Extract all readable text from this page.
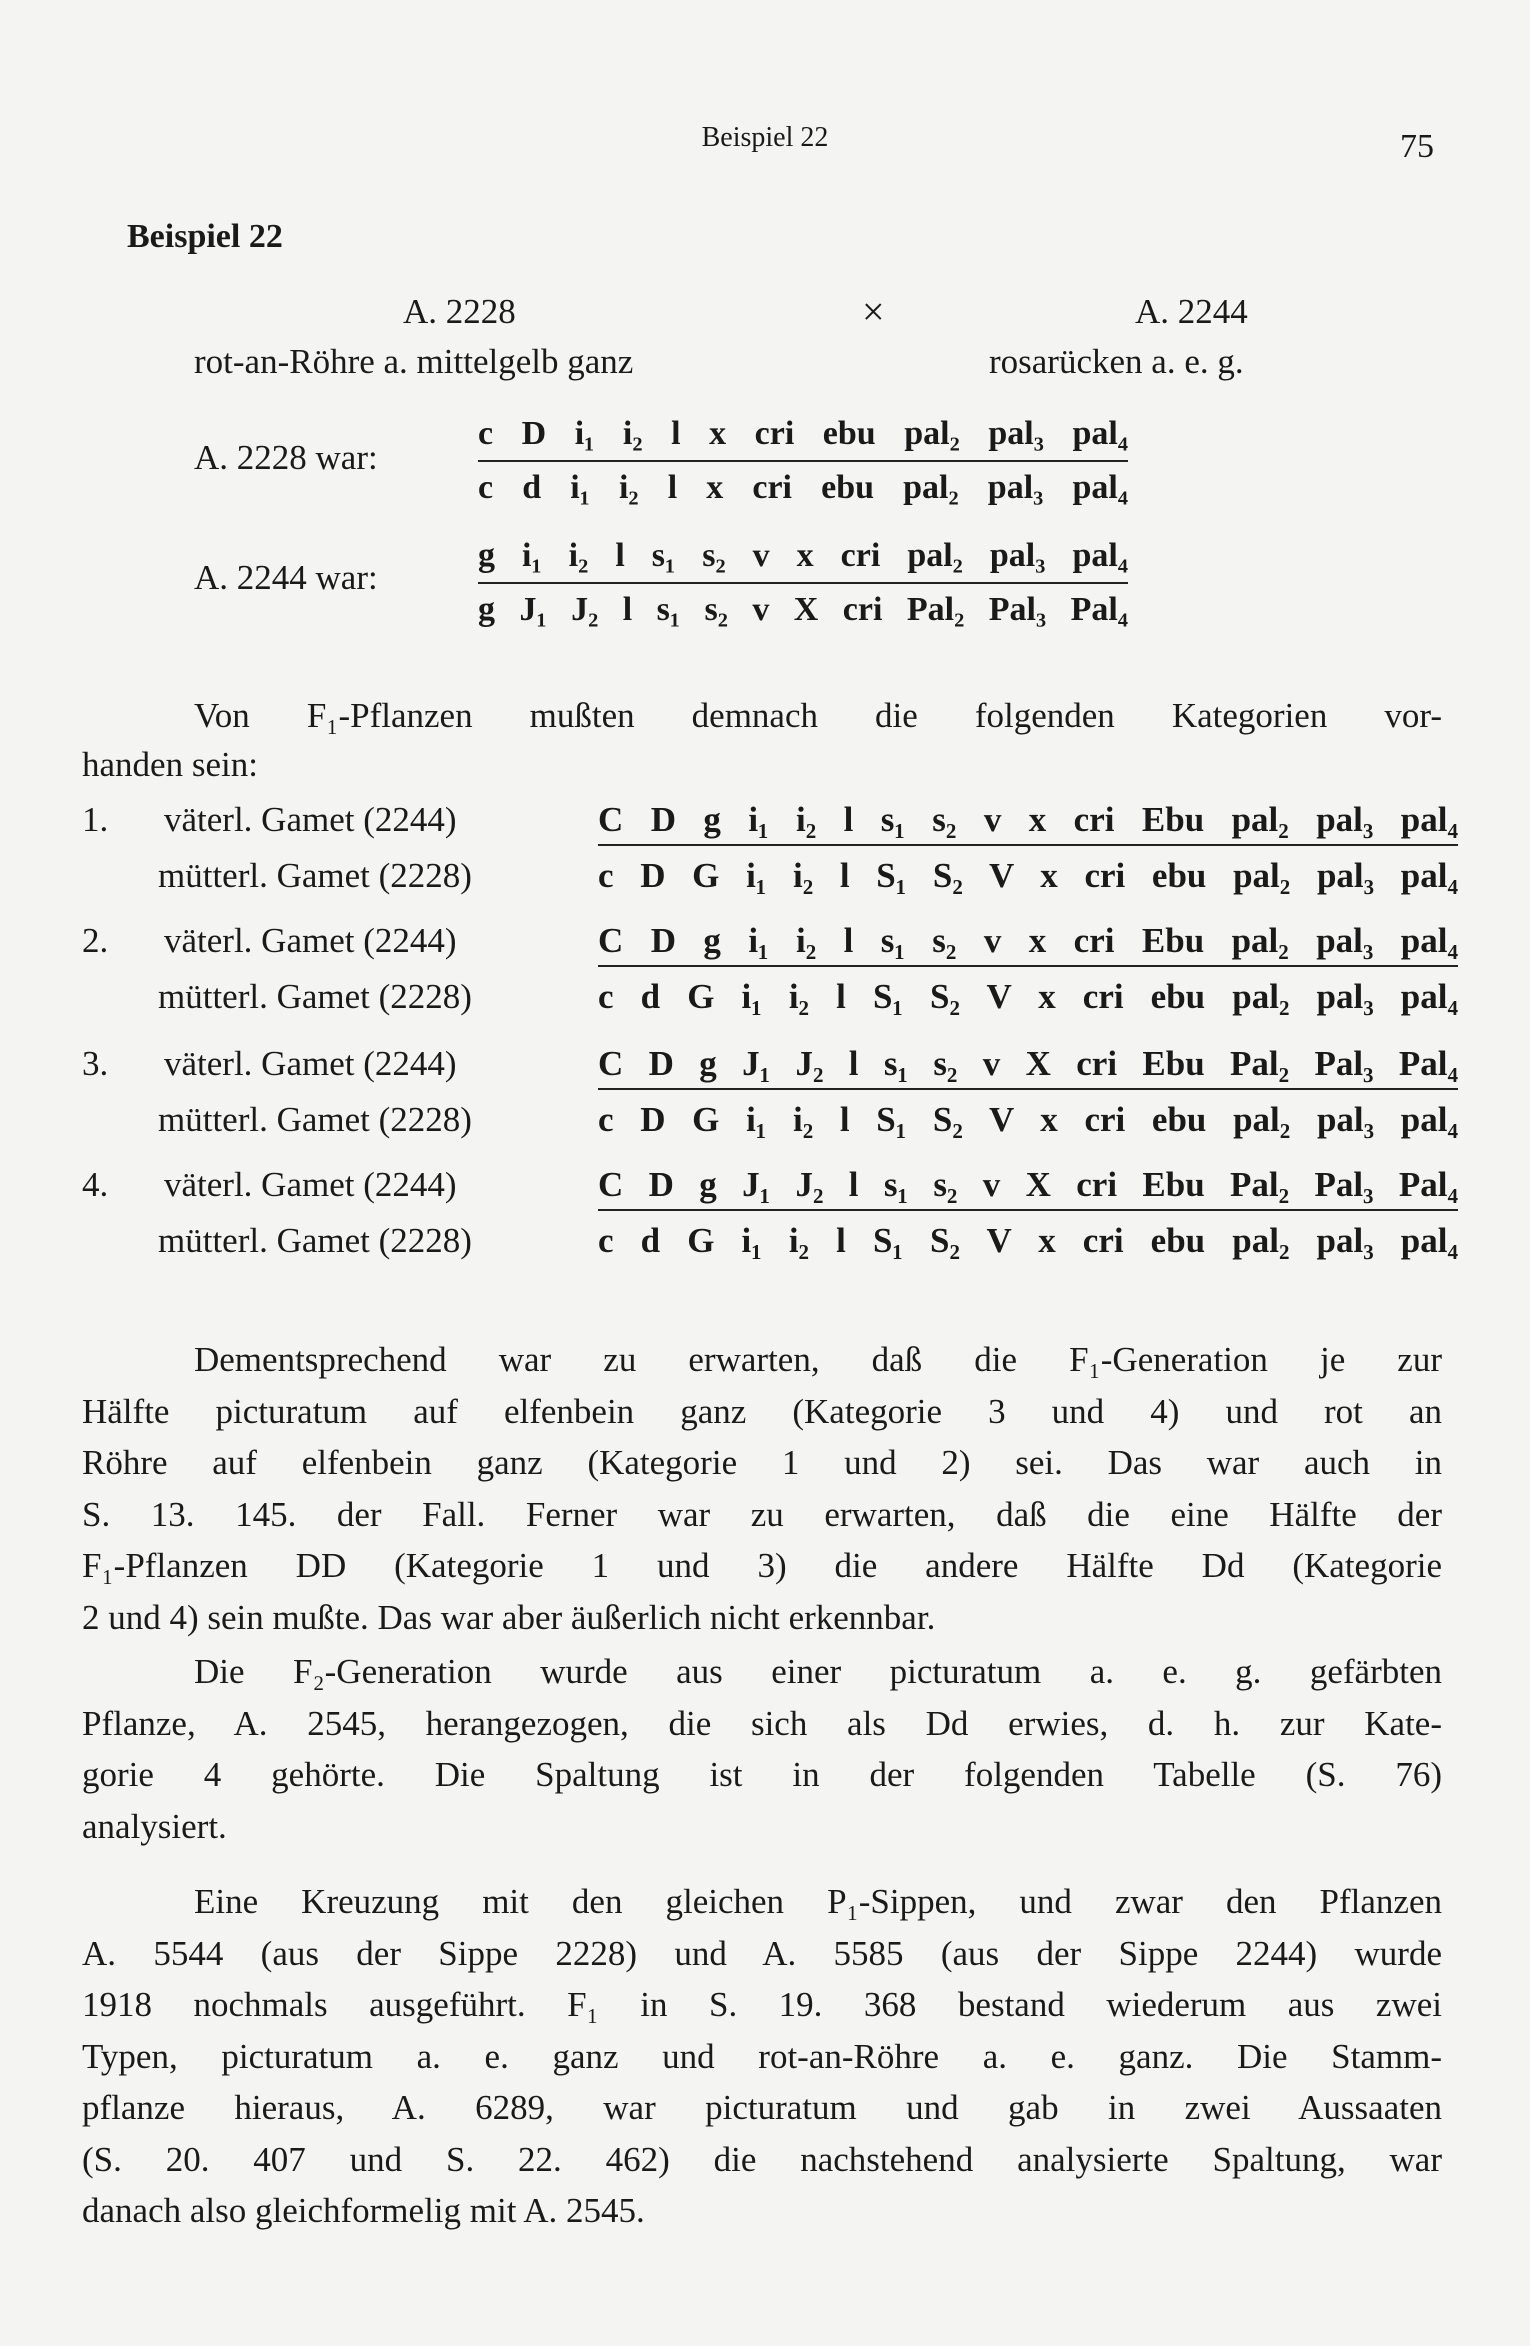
Beispiel 22	75
Beispiel 22
A. 2228	×	A. 2244
rot-an-Röhre a. mittelgelb ganz	rosarücken a. e. g.
A. 2228 war:
c D i₁ i₂ l x cri ebu pal₂ pal₃ pal₄
c d i₁ i₂ l x cri ebu pal₂ pal₃ pal₄
A. 2244 war:
g i₁ i₂ l s₁ s₂ v x cri pal₂ pal₃ pal₄
g J₁ J₂ l s₁ s₂ v X cri Pal₂ Pal₃ Pal₄
Von F₁-Pflanzen mußten demnach die folgenden Kategorien vor-
handen sein:
1. väterl. Gamet (2244)	C D g i₁ i₂ l s₁ s₂ v x cri Ebu pal₂ pal₃ pal₄
mütterl. Gamet (2228)	c D G i₁ i₂ l S₁ S₂ V x cri ebu pal₂ pal₃ pal₄
2. väterl. Gamet (2244)	C D g i₁ i₂ l s₁ s₂ v x cri Ebu pal₂ pal₃ pal₄
mütterl. Gamet (2228)	c d G i₁ i₂ l S₁ S₂ V x cri ebu pal₂ pal₃ pal₄
3. väterl. Gamet (2244)	C D g J₁ J₂ l s₁ s₂ v X cri Ebu Pal₂ Pal₃ Pal₄
mütterl. Gamet (2228)	c D G i₁ i₂ l S₁ S₂ V x cri ebu pal₂ pal₃ pal₄
4. väterl. Gamet (2244)	C D g J₁ J₂ l s₁ s₂ v X cri Ebu Pal₂ Pal₃ Pal₄
mütterl. Gamet (2228)	c d G i₁ i₂ l S₁ S₂ V x cri ebu pal₂ pal₃ pal₄
Dementsprechend war zu erwarten, daß die F₁-Generation je zur
Hälfte picturatum auf elfenbein ganz (Kategorie 3 und 4) und rot an
Röhre auf elfenbein ganz (Kategorie 1 und 2) sei. Das war auch in
S. 13. 145. der Fall. Ferner war zu erwarten, daß die eine Hälfte der
F₁-Pflanzen DD (Kategorie 1 und 3) die andere Hälfte Dd (Kategorie
2 und 4) sein mußte. Das war aber äußerlich nicht erkennbar.
Die F₂-Generation wurde aus einer picturatum a. e. g. gefärbten
Pflanze, A. 2545, herangezogen, die sich als Dd erwies, d. h. zur Kate-
gorie 4 gehörte. Die Spaltung ist in der folgenden Tabelle (S. 76)
analysiert.
Eine Kreuzung mit den gleichen P₁-Sippen, und zwar den Pflanzen
A. 5544 (aus der Sippe 2228) und A. 5585 (aus der Sippe 2244) wurde
1918 nochmals ausgeführt. F₁ in S. 19. 368 bestand wiederum aus zwei
Typen, picturatum a. e. ganz und rot-an-Röhre a. e. ganz. Die Stamm-
pflanze hieraus, A. 6289, war picturatum und gab in zwei Aussaaten
(S. 20. 407 und S. 22. 462) die nachstehend analysierte Spaltung, war
danach also gleichformelig mit A. 2545.
